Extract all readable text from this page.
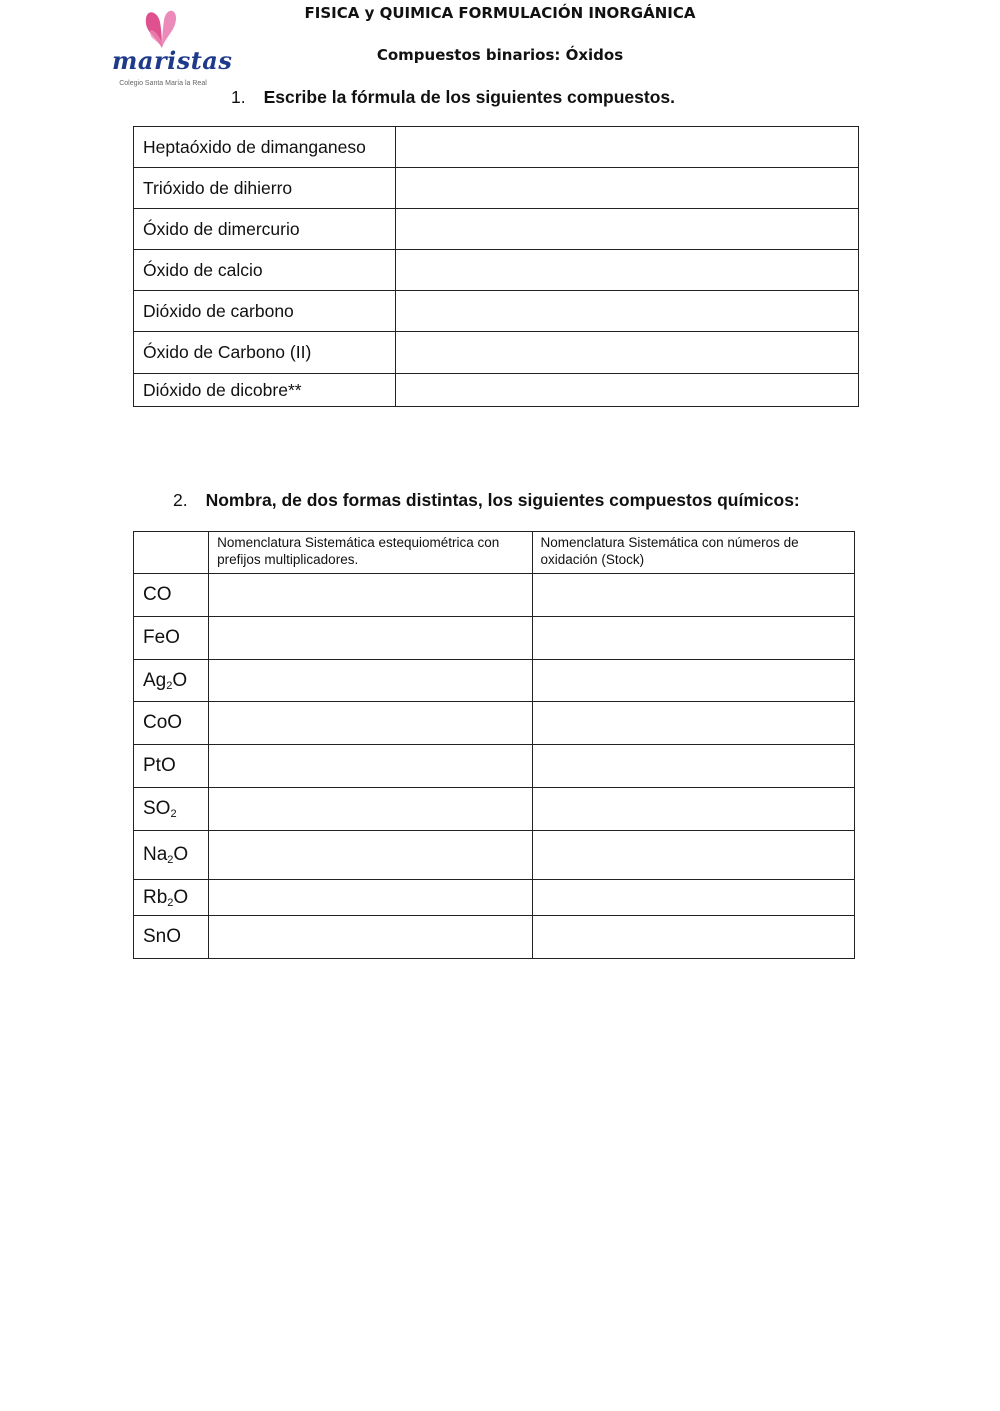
maristas
Colegio Santa María la Real
FISICA y QUIMICA FORMULACIÓN INORGÁNICA
Compuestos binarios: Óxidos
1. Escribe la fórmula de los siguientes compuestos.
Heptaóxido de dimanganeso	
Trióxido de dihierro	
Óxido de dimercurio	
Óxido de calcio	
Dióxido de carbono	
Óxido de Carbono (II)	
Dióxido de dicobre**	
2. Nombra, de dos formas distintas, los siguientes compuestos químicos:
	Nomenclatura Sistemática estequiométrica con prefijos multiplicadores.	Nomenclatura Sistemática con números de oxidación (Stock)
CO		
FeO		
$Ag_2O$		
CoO		
PtO		
$SO_2$		
$Na_2O$		
$Rb_2O$		
SnO		
